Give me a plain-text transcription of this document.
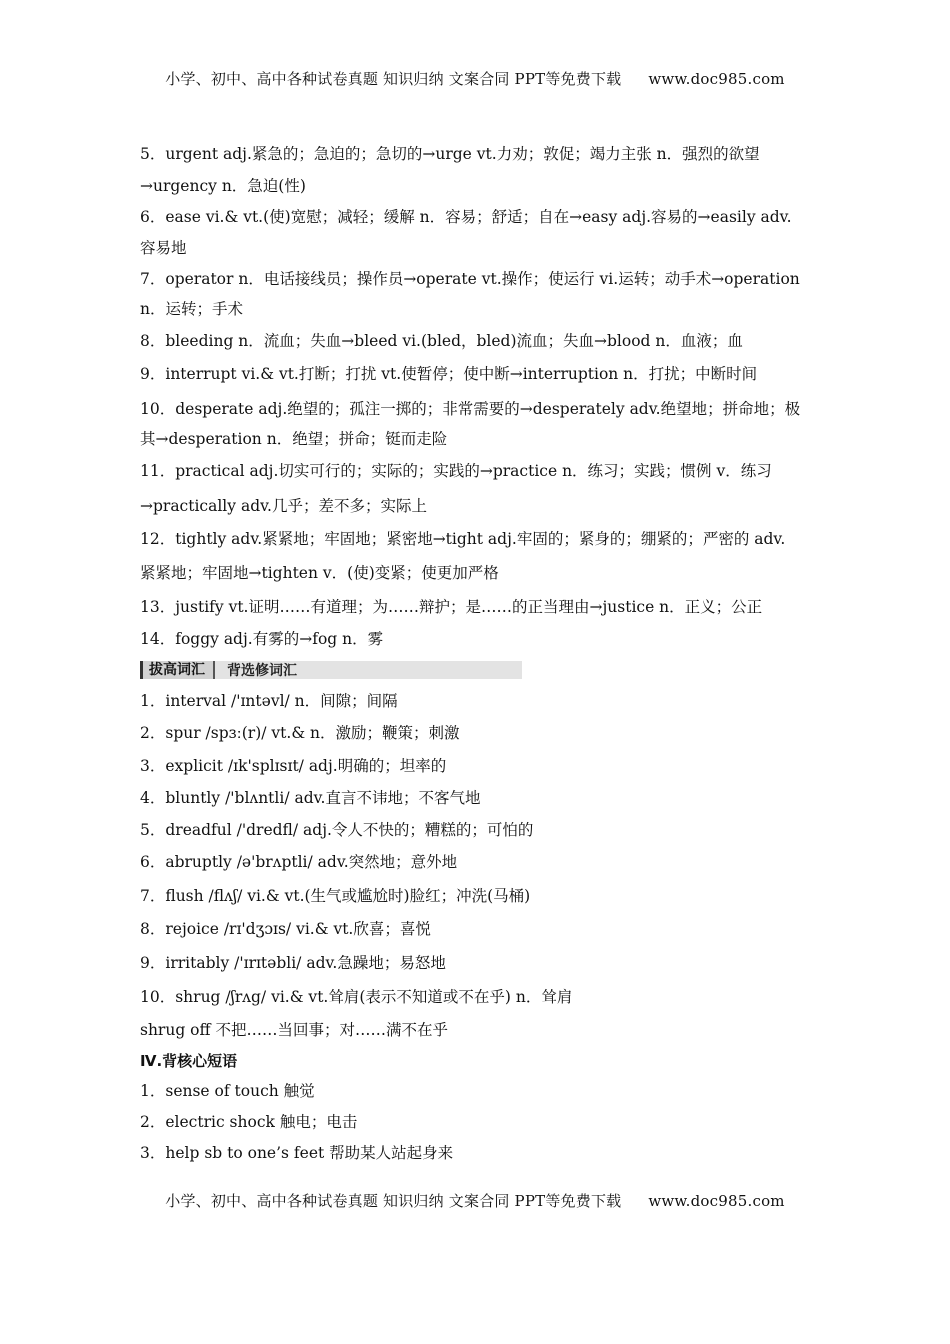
小学、初中、高中各种试卷真题 知识归纳 文案合同 PPT等免费下载 www.doc985.com
5．urgent adj.紧急的；急迫的；急切的→urge vt.力劝；敦促；竭力主张 n．强烈的欲望
→urgency n．急迫(性)
6．ease vi.& vt.(使)宽慰；减轻；缓解 n．容易；舒适；自在→easy adj.容易的→easily adv.
容易地
7．operator n．电话接线员；操作员→operate vt.操作；使运行 vi.运转；动手术→operation
n．运转；手术
8．bleeding n．流血；失血→bleed vi.(bled，bled)流血；失血→blood n．血液；血
9．interrupt vi.& vt.打断；打扰 vt.使暂停；使中断→interruption n．打扰；中断时间
10．desperate adj.绝望的；孤注一掷的；非常需要的→desperately adv.绝望地；拼命地；极
其→desperation n．绝望；拼命；铤而走险
11．practical adj.切实可行的；实际的；实践的→practice n．练习；实践；惯例 v．练习
→practically adv.几乎；差不多；实际上
12．tightly adv.紧紧地；牢固地；紧密地→tight adj.牢固的；紧身的；绷紧的；严密的 adv.
紧紧地；牢固地→tighten v．(使)变紧；使更加严格
13．justify vt.证明……有道理；为……辩护；是……的正当理由→justice n．正义；公正
14．foggy adj.有雾的→fog n．雾
拔高词汇	背选修词汇
1．interval /'ɪntəvl/ n．间隙；间隔
2．spur /spɜː(r)/ vt.& n．激励；鞭策；刺激
3．explicit /ɪk'splɪsɪt/ adj.明确的；坦率的
4．bluntly /'blʌntli/ adv.直言不讳地；不客气地
5．dreadful /'dredfl/ adj.令人不快的；糟糕的；可怕的
6．abruptly /ə'brʌptli/ adv.突然地；意外地
7．flush /flʌʃ/ vi.& vt.(生气或尴尬时)脸红；冲洗(马桶)
8．rejoice /rɪ'dʒɔɪs/ vi.& vt.欣喜；喜悦
9．irritably /'ɪrɪtəbli/ adv.急躁地；易怒地
10．shrug /ʃrʌg/ vi.& vt.耸肩(表示不知道或不在乎) n．耸肩
shrug off 不把……当回事；对……满不在乎
Ⅳ.背核心短语
1．sense of touch 触觉
2．electric shock 触电；电击
3．help sb to one’s feet 帮助某人站起身来
小学、初中、高中各种试卷真题 知识归纳 文案合同 PPT等免费下载 www.doc985.com
